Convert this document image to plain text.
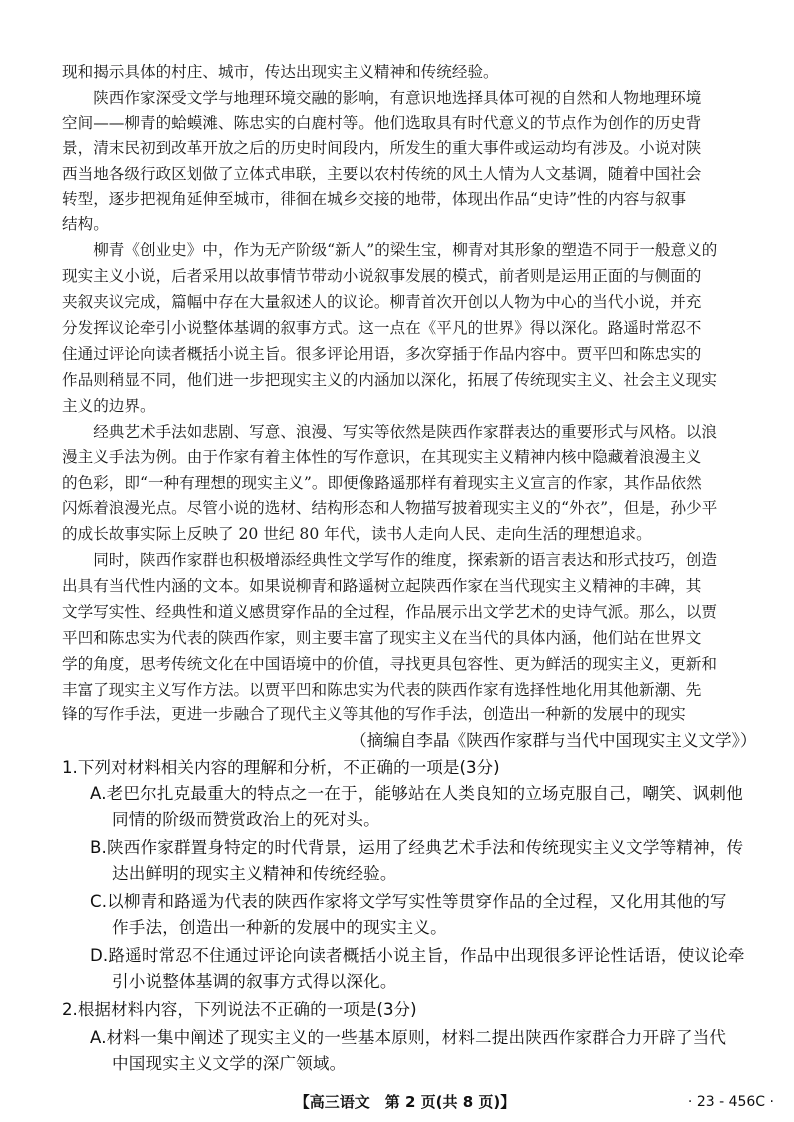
现和揭示具体的村庄、城市，传达出现实主义精神和传统经验。
　　陕西作家深受文学与地理环境交融的影响，有意识地选择具体可视的自然和人物地理环境
空间——柳青的蛤蟆滩、陈忠实的白鹿村等。他们选取具有时代意义的节点作为创作的历史背
景，清末民初到改革开放之后的历史时间段内，所发生的重大事件或运动均有涉及。小说对陕
西当地各级行政区划做了立体式串联，主要以农村传统的风土人情为人文基调，随着中国社会
转型，逐步把视角延伸至城市，徘徊在城乡交接的地带，体现出作品“史诗”性的内容与叙事
结构。
　　柳青《创业史》中，作为无产阶级“新人”的梁生宝，柳青对其形象的塑造不同于一般意义的
现实主义小说，后者采用以故事情节带动小说叙事发展的模式，前者则是运用正面的与侧面的
夹叙夹议完成，篇幅中存在大量叙述人的议论。柳青首次开创以人物为中心的当代小说，并充
分发挥议论牵引小说整体基调的叙事方式。这一点在《平凡的世界》得以深化。路遥时常忍不
住通过评论向读者概括小说主旨。很多评论用语，多次穿插于作品内容中。贾平凹和陈忠实的
作品则稍显不同，他们进一步把现实主义的内涵加以深化，拓展了传统现实主义、社会主义现实
主义的边界。
　　经典艺术手法如悲剧、写意、浪漫、写实等依然是陕西作家群表达的重要形式与风格。以浪
漫主义手法为例。由于作家有着主体性的写作意识，在其现实主义精神内核中隐藏着浪漫主义
的色彩，即“一种有理想的现实主义”。即便像路遥那样有着现实主义宣言的作家，其作品依然
闪烁着浪漫光点。尽管小说的选材、结构形态和人物描写披着现实主义的“外衣”，但是，孙少平
的成长故事实际上反映了 20 世纪 80 年代，读书人走向人民、走向生活的理想追求。
　　同时，陕西作家群也积极增添经典性文学写作的维度，探索新的语言表达和形式技巧，创造
出具有当代性内涵的文本。如果说柳青和路遥树立起陕西作家在当代现实主义精神的丰碑，其
文学写实性、经典性和道义感贯穿作品的全过程，作品展示出文学艺术的史诗气派。那么，以贾
平凹和陈忠实为代表的陕西作家，则主要丰富了现实主义在当代的具体内涵，他们站在世界文
学的角度，思考传统文化在中国语境中的价值，寻找更具包容性、更为鲜活的现实主义，更新和
丰富了现实主义写作方法。以贾平凹和陈忠实为代表的陕西作家有选择性地化用其他新潮、先
锋的写作手法，更进一步融合了现代主义等其他的写作手法，创造出一种新的发展中的现实
（摘编自李晶《陕西作家群与当代中国现实主义文学》）
1.下列对材料相关内容的理解和分析，不正确的一项是(3分)
A.老巴尔扎克最重大的特点之一在于，能够站在人类良知的立场克服自己，嘲笑、讽刺他
同情的阶级而赞赏政治上的死对头。
B.陕西作家群置身特定的时代背景，运用了经典艺术手法和传统现实主义文学等精神，传
达出鲜明的现实主义精神和传统经验。
C.以柳青和路遥为代表的陕西作家将文学写实性等贯穿作品的全过程，又化用其他的写
作手法，创造出一种新的发展中的现实主义。
D.路遥时常忍不住通过评论向读者概括小说主旨，作品中出现很多评论性话语，使议论牵
引小说整体基调的叙事方式得以深化。
2.根据材料内容，下列说法不正确的一项是(3分)
A.材料一集中阐述了现实主义的一些基本原则，材料二提出陕西作家群合力开辟了当代
中国现实主义文学的深广领域。
【高三语文　第 2 页(共 8 页)】	· 23 - 456C ·
